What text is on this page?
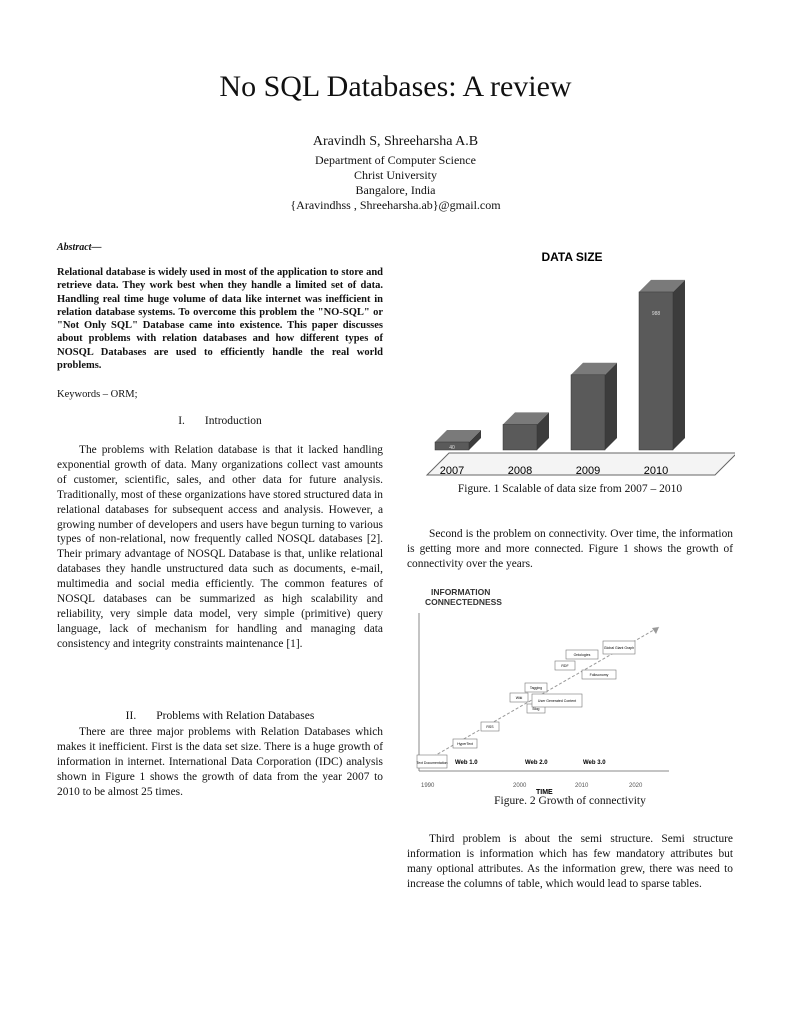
No SQL Databases: A review
Aravindh S, Shreeharsha A.B
Department of Computer Science
Christ University
Bangalore, India
{Aravindhss , Shreeharsha.ab}@gmail.com
Abstract—
Relational database is widely used in most of the application to store and retrieve data. They work best when they handle a limited set of data. Handling real time huge volume of data like internet was inefficient in relation database systems. To overcome this problem the "NO-SQL" or "Not Only SQL" Database came into existence. This paper discusses about problems with relation databases and how different types of NOSQL Databases are used to efficiently handle the real world problems.
Keywords – ORM;
I. Introduction

The problems with Relation database is that it lacked handling exponential growth of data. Many organizations collect vast amounts of customer, scientific, sales, and other data for future analysis. Traditionally, most of these organizations have stored structured data in relational databases for subsequent access and analysis. However, a growing number of developers and users have begun turning to various types of non-relational, now frequently called NOSQL databases [2]. Their primary advantage of NOSQL Database is that, unlike relational databases they handle unstructured data such as documents, e-mail, multimedia and social media efficiently. The common features of NOSQL databases can be summarized as high scalability and reliability, very simple data model, very simple (primitive) query language, lack of mechanism for handling and managing data consistency and integrity constraints maintenance [1].

II. Problems with Relation Databases

There are three major problems with Relation Databases which makes it inefficient. First is the data set size. There is a huge growth of information in internet. International Data Corporation (IDC) analysis shown in Figure 1 shows the growth of data from the year 2007 to 2010 to be almost 25 times.

DATA SIZE
40
2007	2008	2009
988
2010
Figure. 1 Scalable of data size from 2007 – 2010

Second is the problem on connectivity. Over time, the information is getting more and more connected. Figure 1 shows the growth of connectivity over the years.

INFORMATION
CONNECTEDNESS
Web 1.0	Web 2.0	Web 3.0
1990	2000	2010	2020
TIME
Text Documentation
HyperText
RSS
Wiki
Blog
Tagging
User Generated Content
RDF
Ontologies
Folksonomy
Global Giant Graph
Figure. 2 Growth of connectivity

Third problem is about the semi structure. Semi structure information is information which has few mandatory attributes but many optional attributes. As the information grew, there was need to increase the columns of table, which would lead to sparse tables.
